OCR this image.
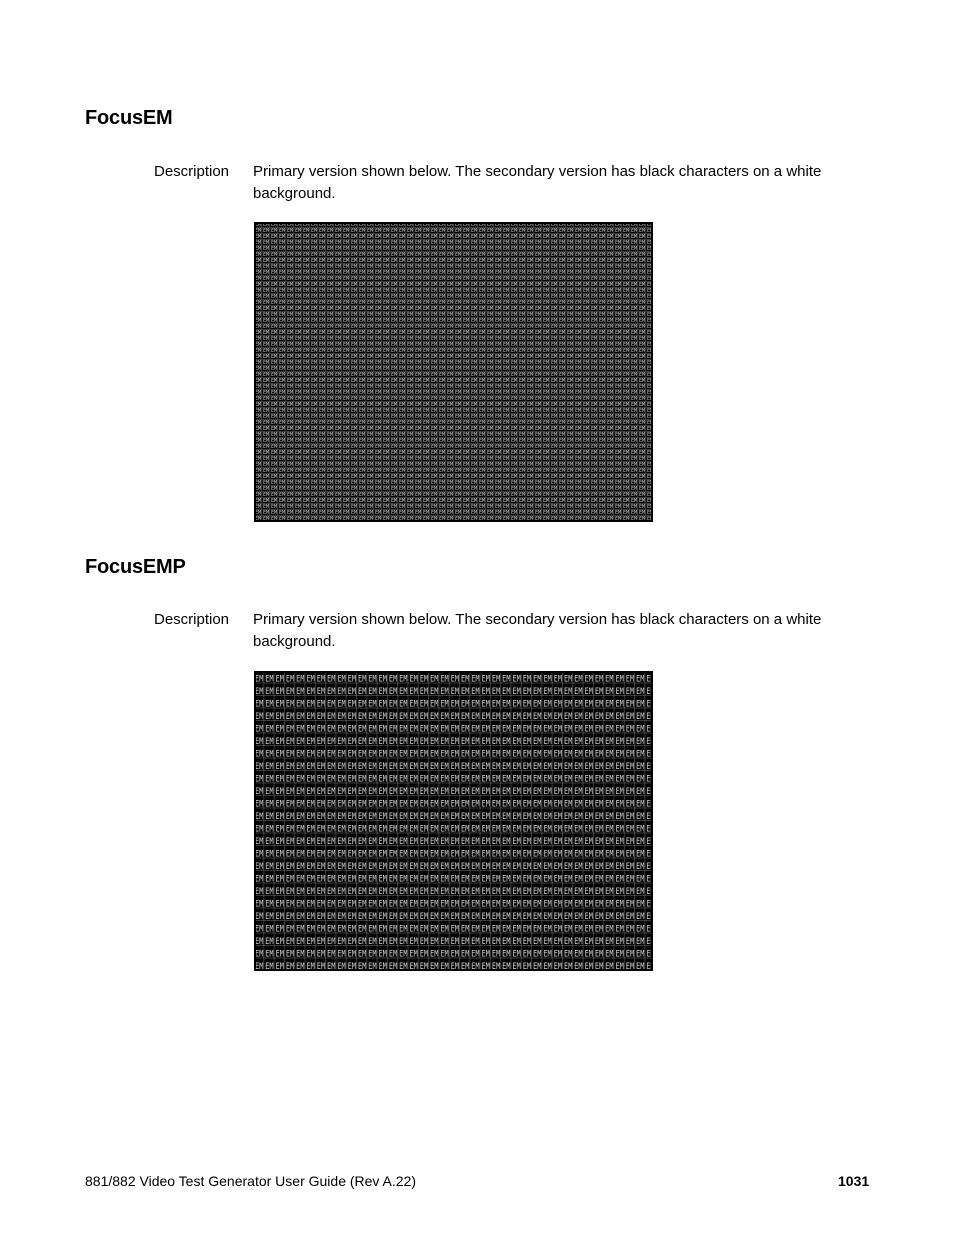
FocusEM
Description Primary version shown below. The secondary version has black characters on a white background.
FocusEMP
Description Primary version shown below. The secondary version has black characters on a white background.
881/882 Video Test Generator User Guide (Rev A.22)	1031
